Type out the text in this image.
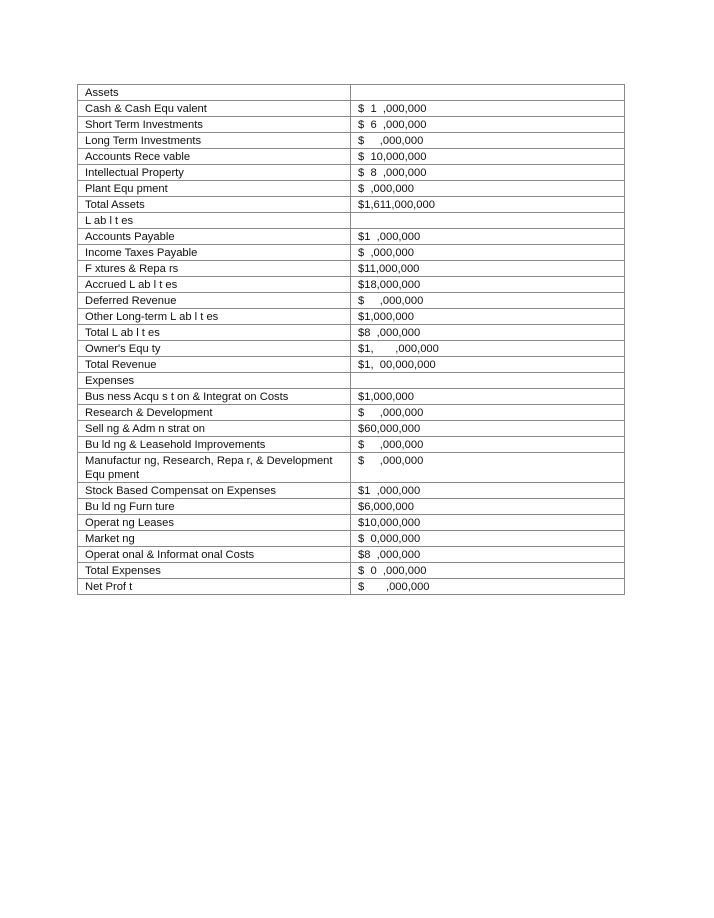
Assets	
Cash & Cash Equ valent	$  1  ,000,000
Short Term Investments	$  6  ,000,000
Long Term Investments	$     ,000,000
Accounts Rece vable	$  10,000,000
Intellectual Property	$  8  ,000,000
Plant Equ pment	$  ,000,000
Total Assets	$1,611,000,000
L ab l t es	
Accounts Payable	$1  ,000,000
Income Taxes Payable	$  ,000,000
F xtures & Repa rs	$11,000,000
Accrued L ab l t es	$18,000,000
Deferred Revenue	$     ,000,000
Other Long-term L ab l t es	$1,000,000
Total L ab l t es	$8  ,000,000
Owner's Equ ty	$1,       ,000,000
Total Revenue	$1,  00,000,000
Expenses	
Bus ness Acqu s t on & Integrat on Costs	$1,000,000
Research & Development	$     ,000,000
Sell ng & Adm n strat on	$60,000,000
Bu ld ng & Leasehold Improvements	$     ,000,000
Manufactur ng, Research, Repa r, & Development Equ pment	$     ,000,000
Stock Based Compensat on Expenses	$1  ,000,000
Bu ld ng Furn ture	$6,000,000
Operat ng Leases	$10,000,000
Market ng	$  0,000,000
Operat onal & Informat onal Costs	$8  ,000,000
Total Expenses	$  0  ,000,000
Net Prof t	$       ,000,000
